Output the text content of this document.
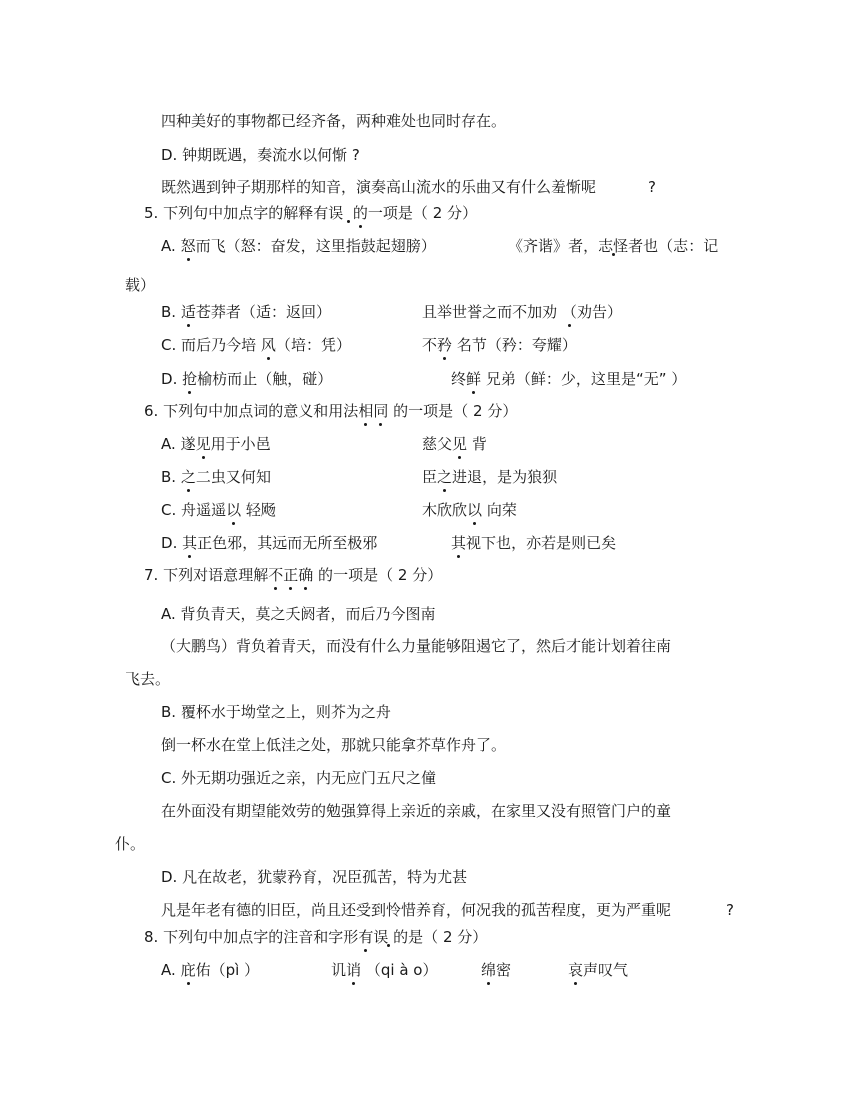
四种美好的事物都已经齐备，两种难处也同时存在。
D. 钟期既遇，奏流水以何惭 ?
既然遇到钟子期那样的知音，演奏高山流水的乐曲又有什么羞惭呢	?
5. 下列句中加点字的解释有误 的一项是（ 2 分）
A. 怒而飞（怒：奋发，这里指鼓起翅膀）	《齐谐》者，志怪者也（志：记
载）
B. 适苍莽者（适：返回）	且举世誉之而不加劝 （劝告）
C. 而后乃今培 风（培：凭）	不矜 名节（矜：夸耀）
D. 抢榆枋而止（触，碰）	终鲜 兄弟（鲜：少，这里是“无” ）
6. 下列句中加点词的意义和用法相同 的一项是（ 2 分）
A. 遂见用于小邑	慈父见 背
B. 之二虫又何知	臣之进退，是为狼狈
C. 舟遥遥以 轻飏	木欣欣以 向荣
D. 其正色邪，其远而无所至极邪	其视下也，亦若是则已矣
7. 下列对语意理解不正确 的一项是（ 2 分）
A. 背负青天，莫之夭阏者，而后乃今图南
（大鹏鸟）背负着青天，而没有什么力量能够阻遏它了，然后才能计划着往南
飞去。
B. 覆杯水于坳堂之上，则芥为之舟
倒一杯水在堂上低洼之处，那就只能拿芥草作舟了。
C. 外无期功强近之亲，内无应门五尺之僮
在外面没有期望能效劳的勉强算得上亲近的亲戚，在家里又没有照管门户的童
仆。
D. 凡在故老，犹蒙矜育，况臣孤苦，特为尤甚
凡是年老有德的旧臣，尚且还受到怜惜养育，何况我的孤苦程度，更为严重呢	?
8. 下列句中加点字的注音和字形有误 的是（ 2 分）
A. 庇佑（pì ）	讥诮 （qi à o）	绵密	哀声叹气
